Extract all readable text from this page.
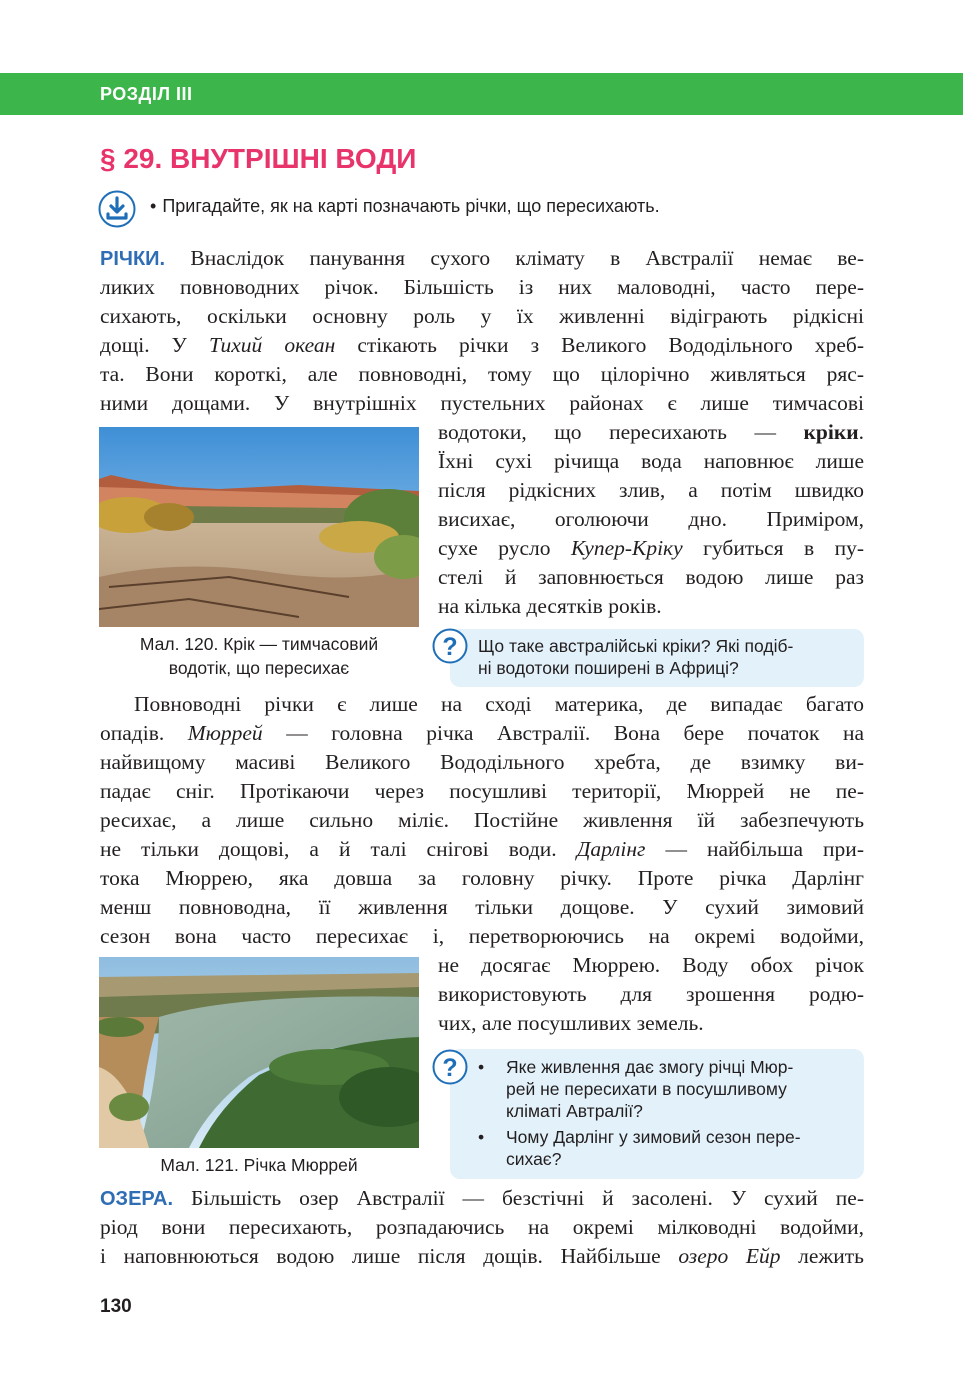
РОЗДІЛ ІІІ
§ 29. ВНУТРІШНІ ВОДИ
• Пригадайте, як на карті позначають річки, що пересихають.
РІЧКИ. Внаслідок панування сухого клімату в Австралії немає ве-
ликих повноводних річок. Більшість із них маловодні, часто пере-
сихають, оскільки основну роль у їх живленні відіграють рідкісні
дощі. У Тихий океан стікають річки з Великого Вододільного хреб-
та. Вони короткі, але повноводні, тому що цілорічно живляться ряс-
ними дощами. У внутрішніх пустельних районах є лише тимчасові
водотоки, що пересихають — кріки.
Їхні сухі річища вода наповнює лише
після рідкісних злив, а потім швидко
висихає, оголюючи дно. Приміром,
сухе русло Купер-Кріку губиться в пу-
стелі й заповнюється водою лише раз
на кілька десятків років.
Мал. 120. Крік — тимчасовий
водотік, що пересихає
Що таке австралійські кріки? Які подіб-
ні водотоки поширені в Африці?
?
Повноводні річки є лише на сході материка, де випадає багато
опадів. Мюррей — головна річка Австралії. Вона бере початок на
найвищому масиві Великого Вододільного хребта, де взимку ви-
падає сніг. Протікаючи через посушливі території, Мюррей не пе-
ресихає, а лише сильно міліє. Постійне живлення їй забезпечують
не тільки дощові, а й талі снігові води. Дарлінг — найбільша при-
тока Мюррею, яка довша за головну річку. Проте річка Дарлінг
менш повноводна, її живлення тільки дощове. У сухий зимовий
сезон вона часто пересихає і, перетворюючись на окремі водойми,
не досягає Мюррею. Воду обох річок
використовують для зрошення родю-
чих, але посушливих земель.
Мал. 121. Річка Мюррей
• Яке живлення дає змогу річці Мюр-
рей не пересихати в посушливому
кліматі Автралії?
• Чому Дарлінг у зимовий сезон пере-
сихає?
?
ОЗЕРА. Більшість озер Австралії — безстічні й засолені. У сухий пе-
ріод вони пересихають, розпадаючись на окремі мілководні водойми,
і наповнюються водою лише після дощів. Найбільше озеро Ейр лежить
130
